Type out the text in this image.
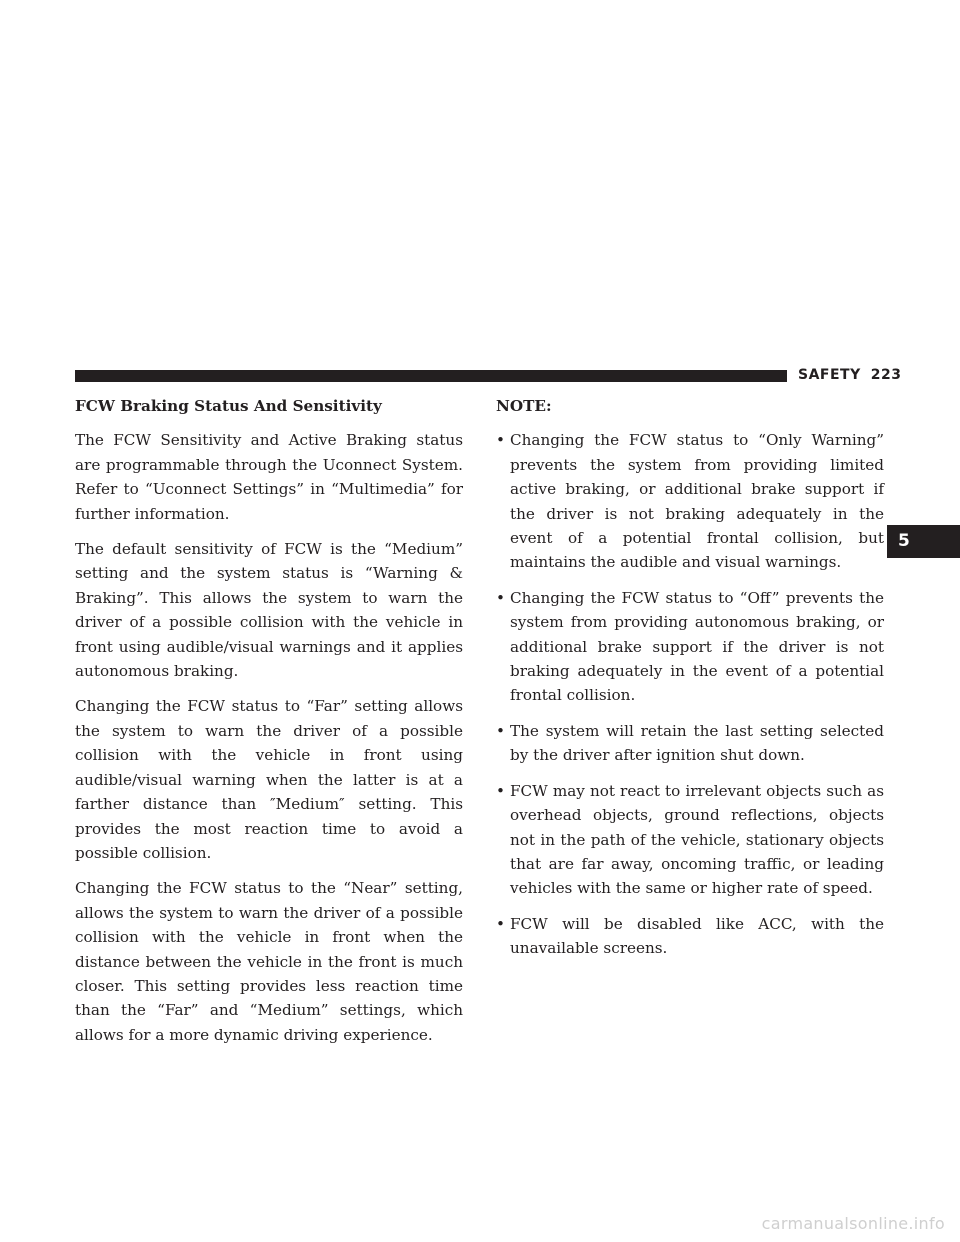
SAFETY 223
FCW Braking Status And Sensitivity

The FCW Sensitivity and Active Braking status are programmable through the Uconnect System. Refer to “Uconnect Settings” in “Multimedia” for further information.

The default sensitivity of FCW is the “Medium” setting and the system status is “Warning & Braking”. This allows the system to warn the driver of a possible collision with the vehicle in front using audible/visual warnings and it applies autonomous braking.

Changing the FCW status to “Far” setting allows the system to warn the driver of a possible collision with the vehicle in front using audible/visual warning when the latter is at a farther distance than ″Medium″ setting. This provides the most reaction time to avoid a possible collision.

Changing the FCW status to the “Near” setting, allows the system to warn the driver of a possible collision with the vehicle in front when the distance between the vehicle in the front is much closer. This setting provides less reaction time than the “Far” and “Medium” settings, which allows for a more dynamic driving experience.

NOTE:
• Changing the FCW status to “Only Warning” prevents the system from providing limited active braking, or additional brake support if the driver is not braking adequately in the event of a potential frontal collision, but maintains the audible and visual warnings.
• Changing the FCW status to “Off” prevents the system from providing autonomous braking, or additional brake support if the driver is not braking adequately in the event of a potential frontal collision.
• The system will retain the last setting selected by the driver after ignition shut down.
• FCW may not react to irrelevant objects such as overhead objects, ground reflections, objects not in the path of the vehicle, stationary objects that are far away, oncoming traffic, or leading vehicles with the same or higher rate of speed.
• FCW will be disabled like ACC, with the unavailable screens.
5
carmanualsonline.info
